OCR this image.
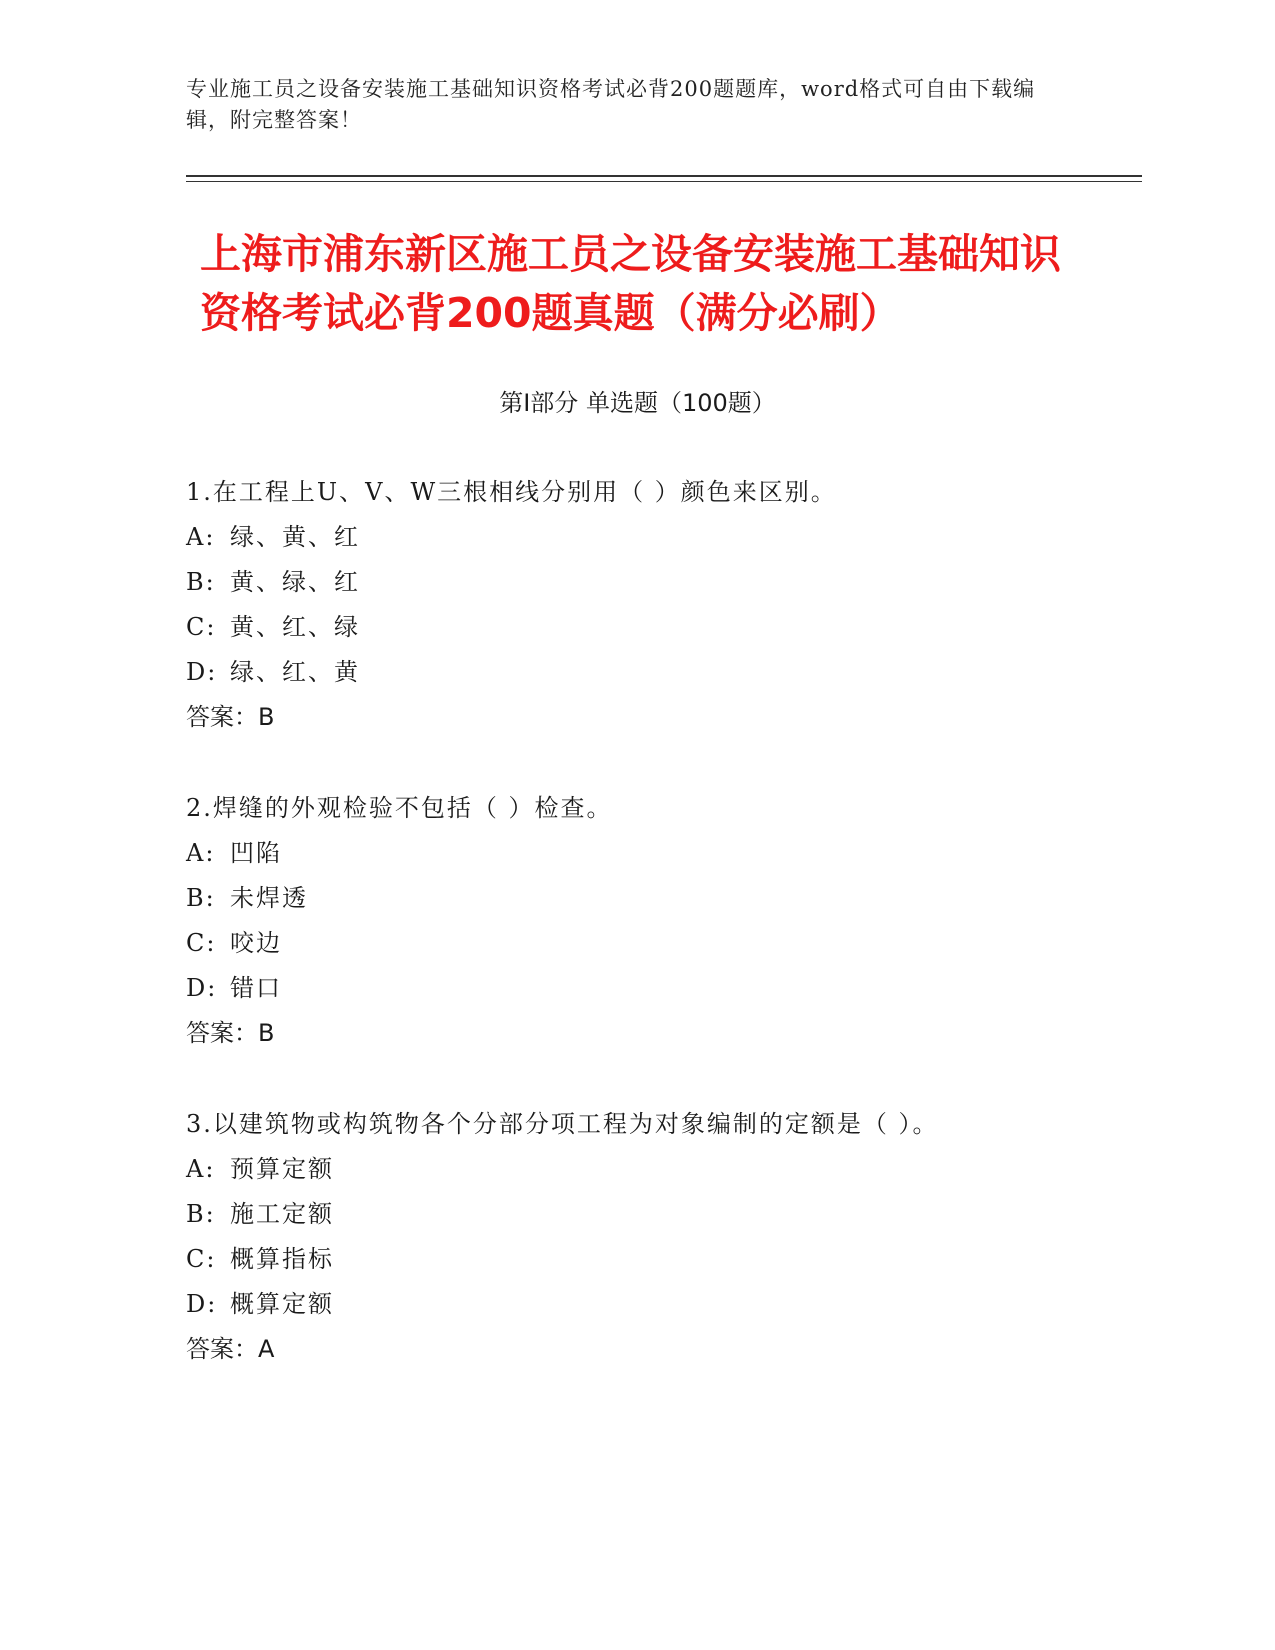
专业施工员之设备安装施工基础知识资格考试必背200题题库，word格式可自由下载编辑，附完整答案！
上海市浦东新区施工员之设备安装施工基础知识资格考试必背200题真题（满分必刷）
第Ⅰ部分 单选题（100题）
1.在工程上U、V、W三根相线分别用（ ）颜色来区别。
A: 绿、黄、红
B: 黄、绿、红
C: 黄、红、绿
D: 绿、红、黄
答案：B
2.焊缝的外观检验不包括（ ）检查。
A: 凹陷
B: 未焊透
C: 咬边
D: 错口
答案：B
3.以建筑物或构筑物各个分部分项工程为对象编制的定额是（ ）。
A: 预算定额
B: 施工定额
C: 概算指标
D: 概算定额
答案：A
